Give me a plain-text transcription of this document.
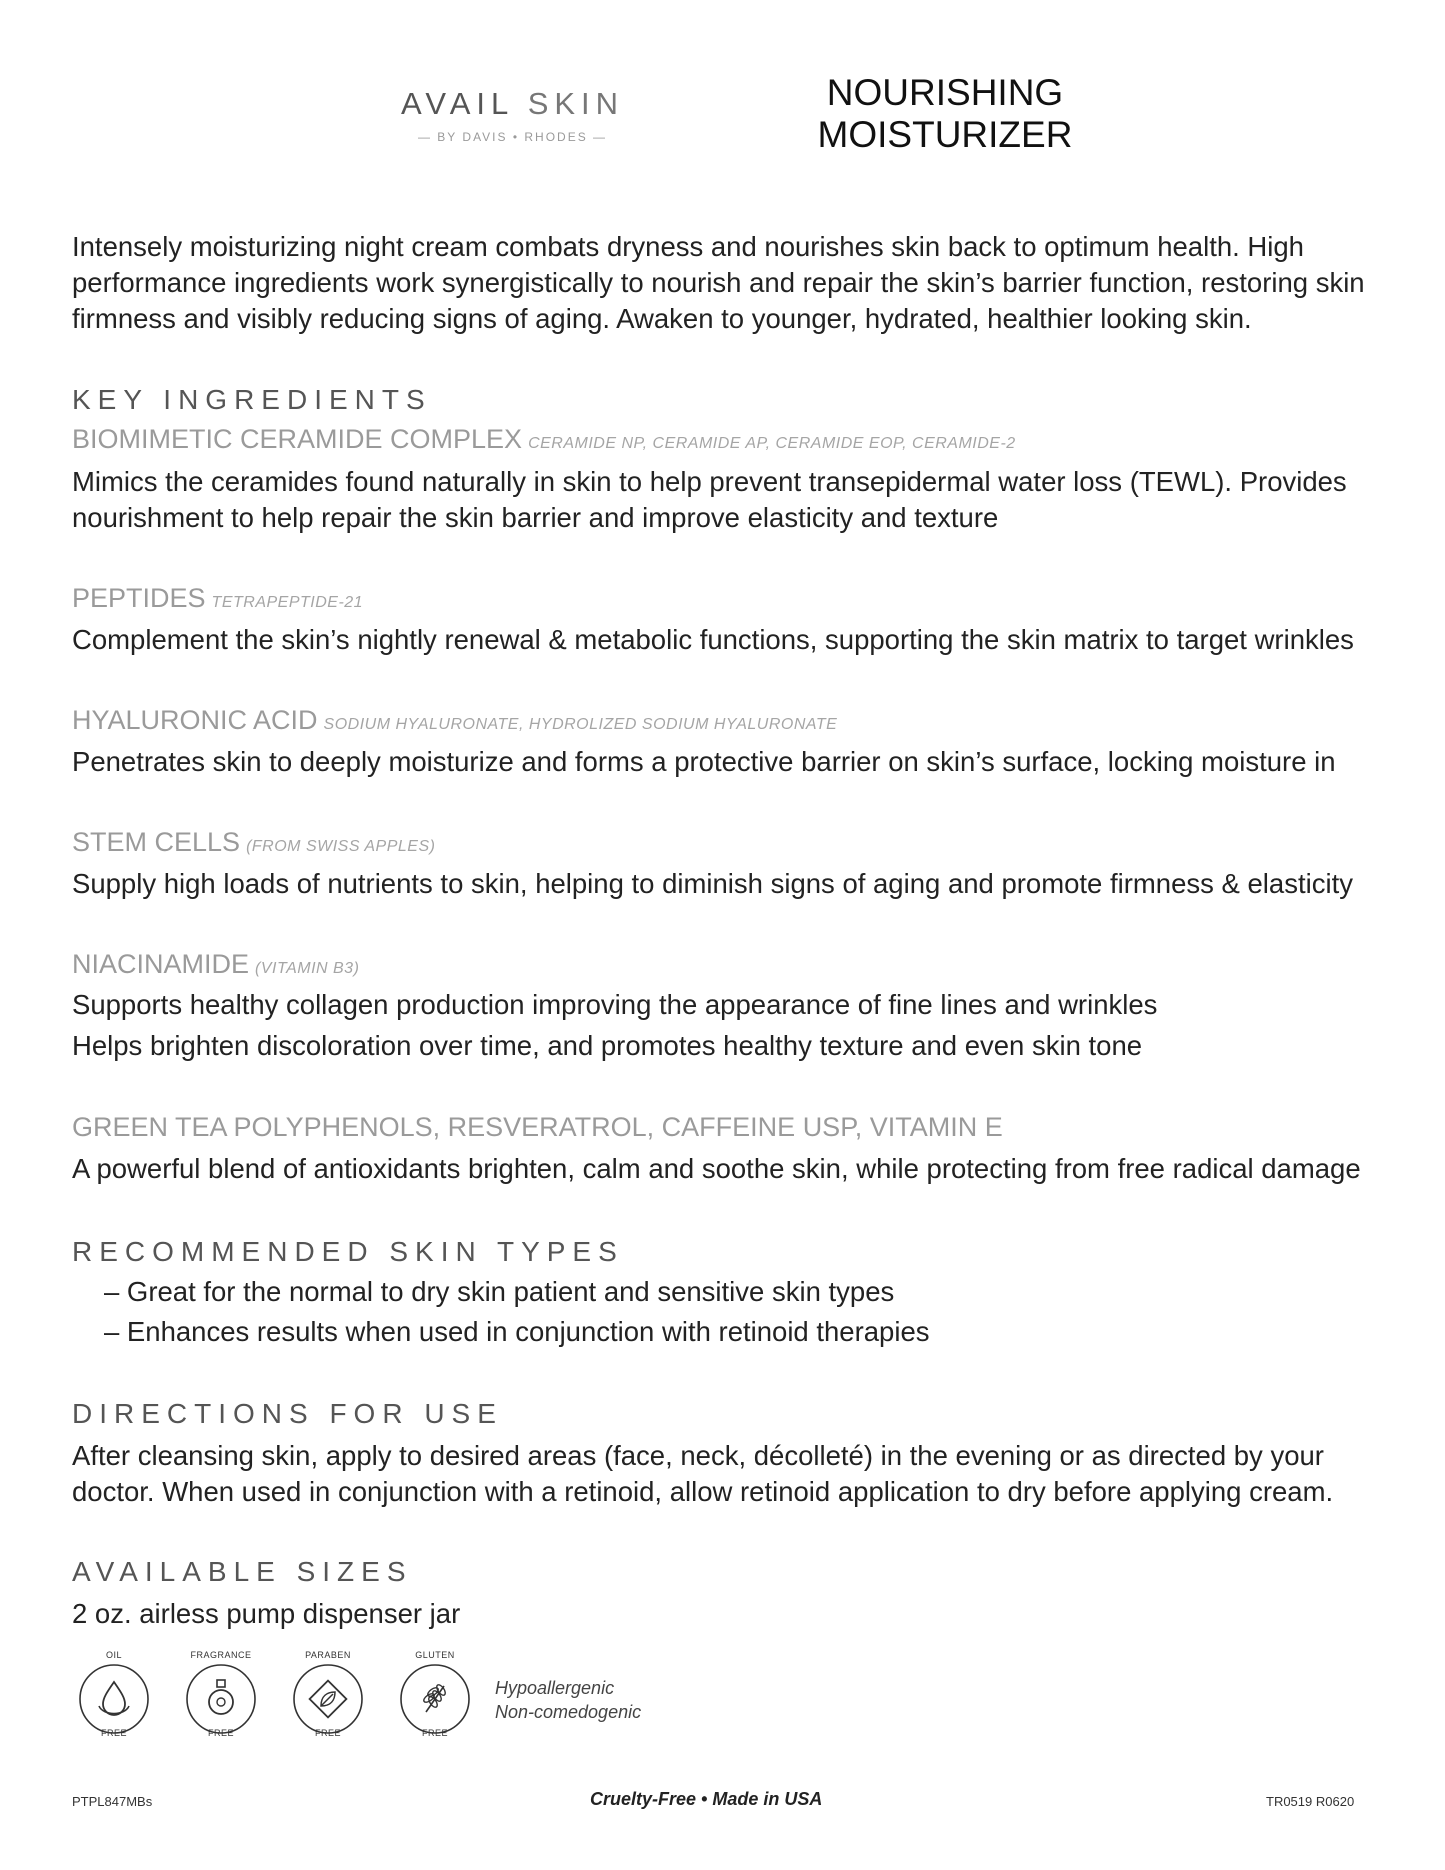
AVAIL SKIN
— BY DAVIS • RHODES —
NOURISHING
MOISTURIZER
Intensely moisturizing night cream combats dryness and nourishes skin back to optimum health. High performance ingredients work synergistically to nourish and repair the skin’s barrier function, restoring skin firmness and visibly reducing signs of aging. Awaken to younger, hydrated, healthier looking skin.
KEY INGREDIENTS
BIOMIMETIC CERAMIDE COMPLEX CERAMIDE NP, CERAMIDE AP, CERAMIDE EOP, CERAMIDE-2
Mimics the ceramides found naturally in skin to help prevent transepidermal water loss (TEWL). Provides nourishment to help repair the skin barrier and improve elasticity and texture
PEPTIDES TETRAPEPTIDE-21
Complement the skin’s nightly renewal & metabolic functions, supporting the skin matrix to target wrinkles
HYALURONIC ACID SODIUM HYALURONATE, HYDROLIZED SODIUM HYALURONATE
Penetrates skin to deeply moisturize and forms a protective barrier on skin’s surface, locking moisture in
STEM CELLS (FROM SWISS APPLES)
Supply high loads of nutrients to skin, helping to diminish signs of aging and promote firmness & elasticity
NIACINAMIDE (VITAMIN B3)
Supports healthy collagen production improving the appearance of fine lines and wrinkles
Helps brighten discoloration over time, and promotes healthy texture and even skin tone
GREEN TEA POLYPHENOLS, RESVERATROL, CAFFEINE USP, VITAMIN E
A powerful blend of antioxidants brighten, calm and soothe skin, while protecting from free radical damage
RECOMMENDED SKIN TYPES
– Great for the normal to dry skin patient and sensitive skin types
– Enhances results when used in conjunction with retinoid therapies
DIRECTIONS FOR USE
After cleansing skin, apply to desired areas (face, neck, décolleté) in the evening or as directed by your doctor. When used in conjunction with a retinoid, allow retinoid application to dry before applying cream.
AVAILABLE SIZES
2 oz. airless pump dispenser jar
OIL
FREE
FRAGRANCE
FREE
PARABEN
FREE
GLUTEN
FREE
Hypoallergenic
Non-comedogenic
PTPL847MBs	Cruelty-Free • Made in USA	TR0519 R0620
